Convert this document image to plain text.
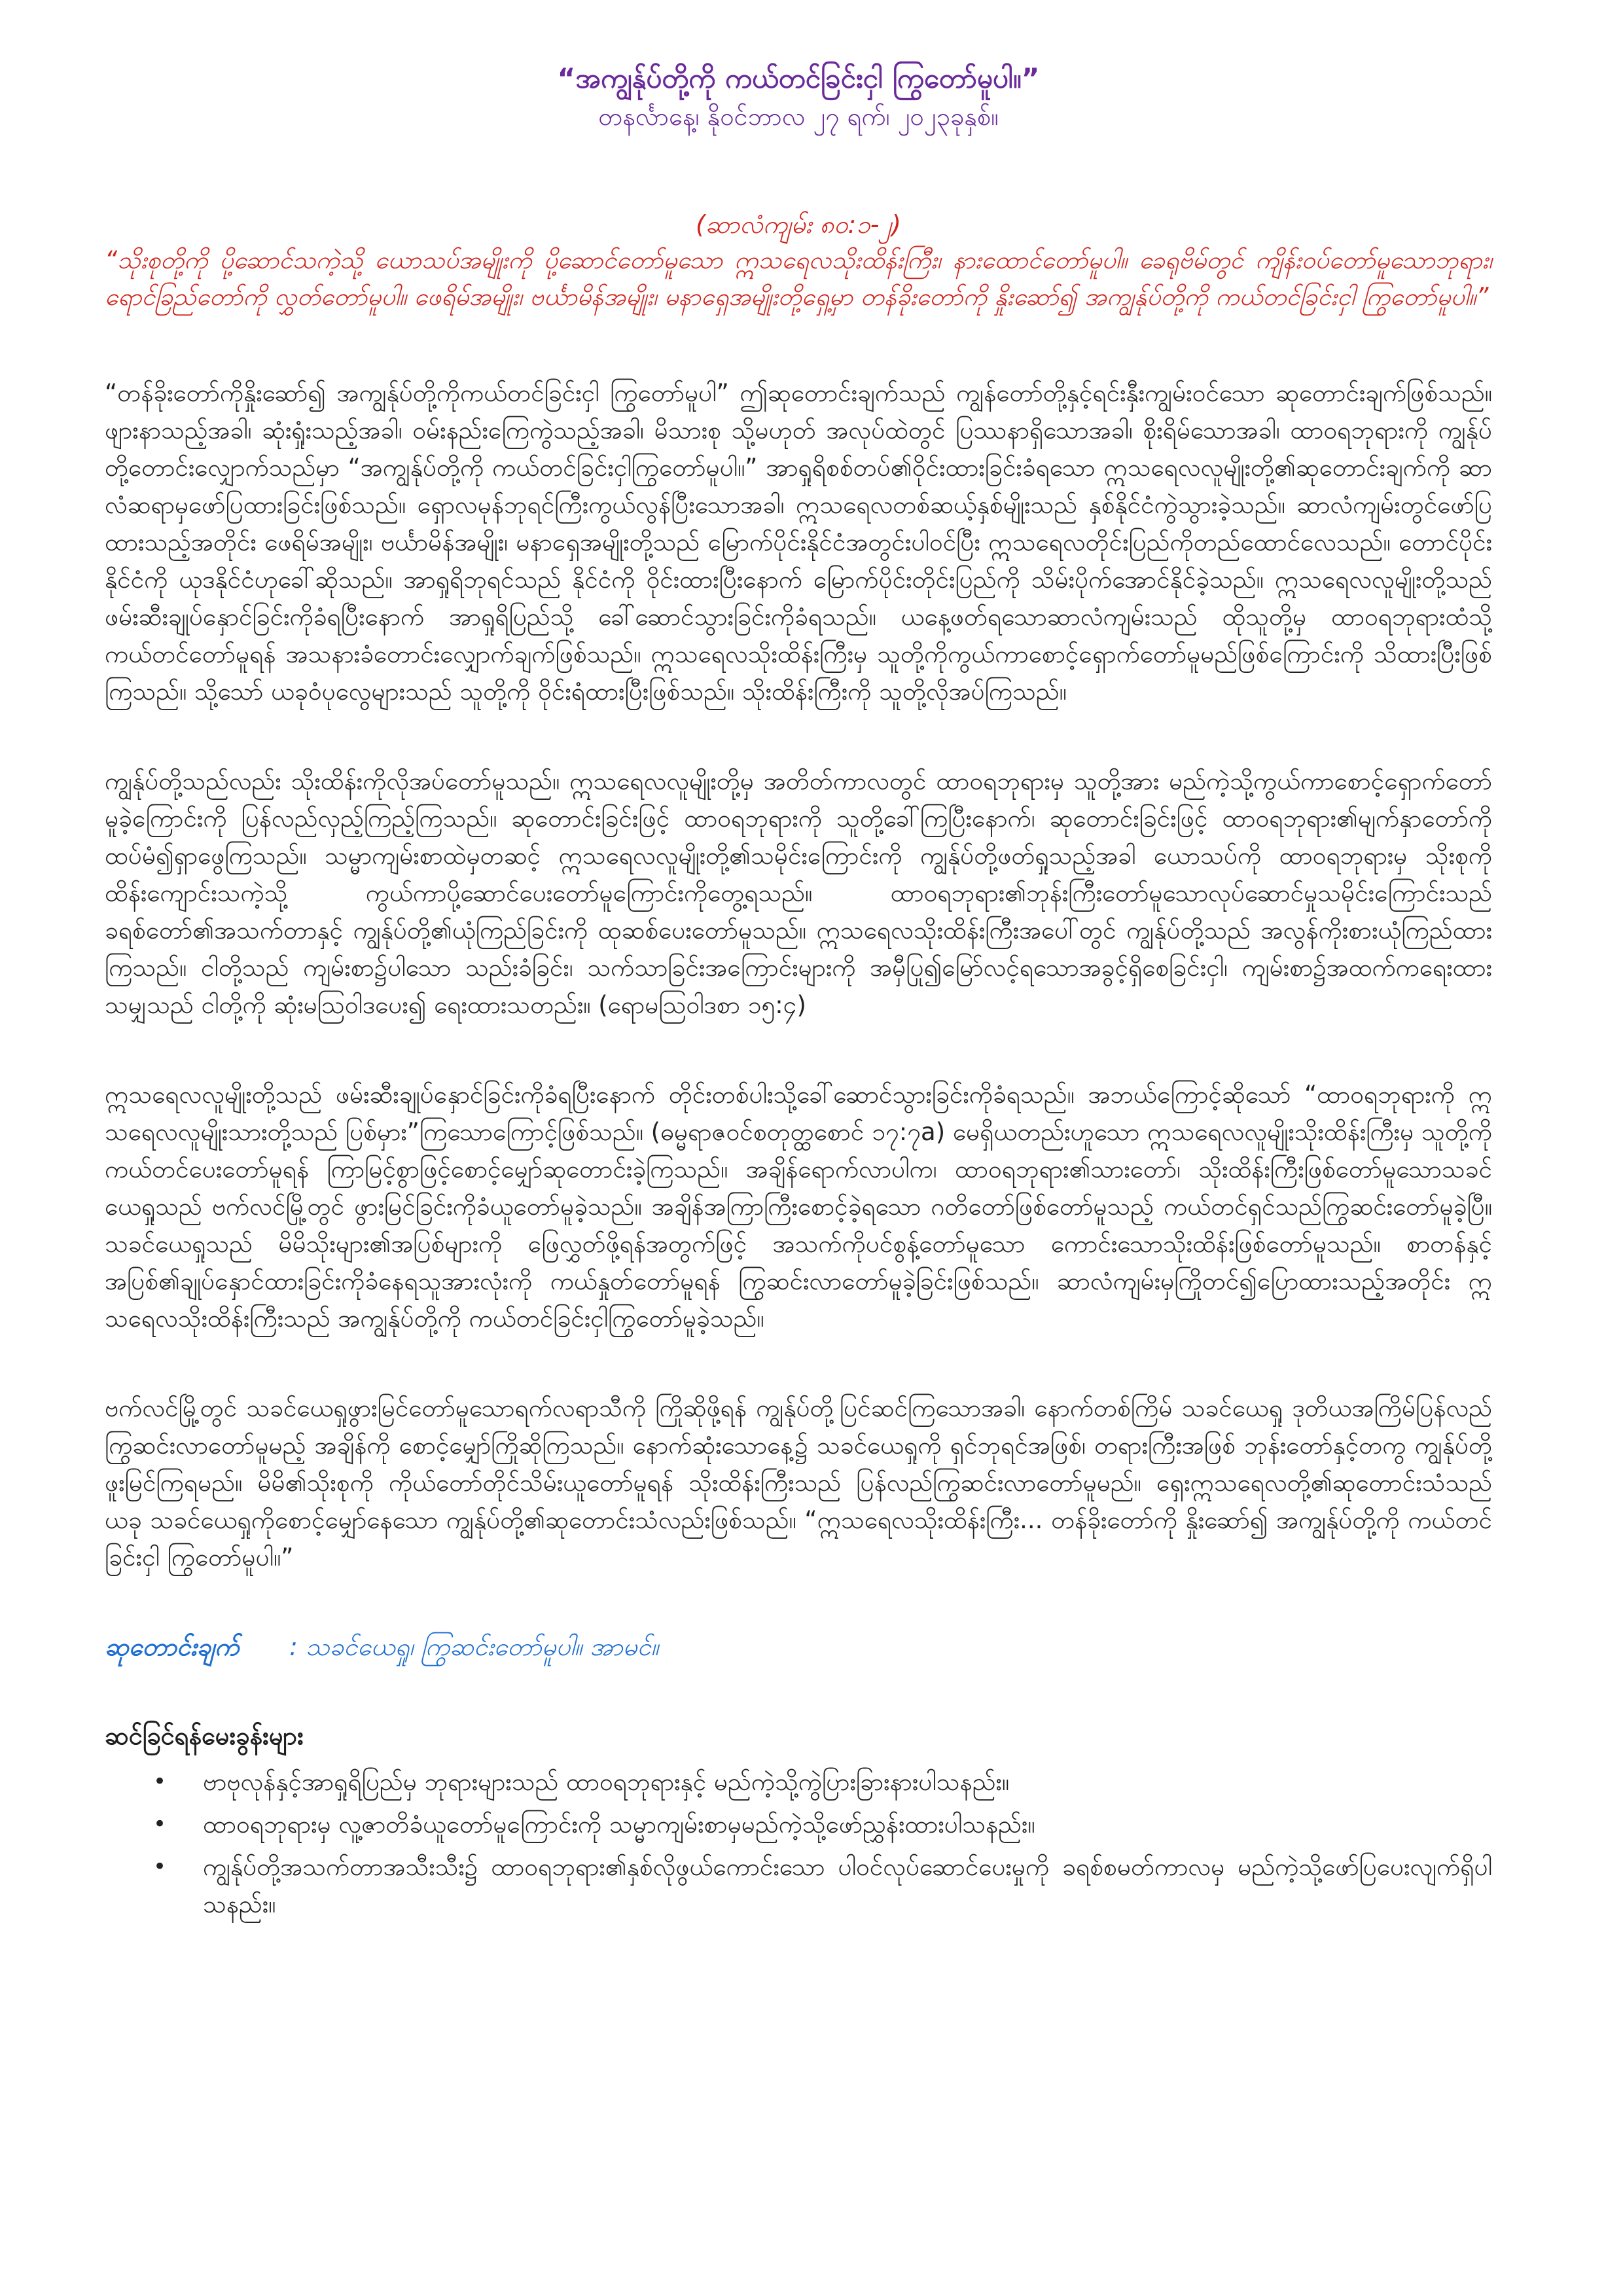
“အကျွန်ုပ်တို့ကို ကယ်တင်ခြင်းငှါ ကြွတော်မူပါ။”

တနင်္လာနေ့၊ နိုဝင်ဘာလ ၂၇ ရက်၊ ၂၀၂၃ခုနှစ်။

(ဆာလံကျမ်း ၈၀:၁-၂)

“သိုးစုတို့ကို ပို့ဆောင်သကဲ့သို့ ယောသပ်အမျိုးကို ပို့ဆောင်တော်မူသော ဣသရေလသိုးထိန်းကြီး၊ နားထောင်တော်မူပါ။ ခေရုဗိမ်တွင် ကျိန်းဝပ်တော်မူသောဘုရား၊ ရောင်ခြည်တော်ကို လွှတ်တော်မူပါ။ ဖေရိမ်အမျိုး၊ ဗင်္ယာမိန်အမျိုး၊ မနာရှေအမျိုးတို့ရှေ့မှာ တန်ခိုးတော်ကို နှိုးဆော်၍ အကျွန်ုပ်တို့ကို ကယ်တင်ခြင်းငှါ ကြွတော်မူပါ။”

“တန်ခိုးတော်ကိုနှိုးဆော်၍ အကျွန်ုပ်တို့ကိုကယ်တင်ခြင်းငှါ ကြွတော်မူပါ” ဤဆုတောင်းချက်သည် ကျွန်တော်တို့နှင့်ရင်းနှီးကျွမ်းဝင်သော ဆုတောင်းချက်ဖြစ်သည်။ ဖျားနာသည့်အခါ၊ ဆုံးရှုံးသည့်အခါ၊ ဝမ်းနည်းကြေကွဲသည့်အခါ၊ မိသားစု သို့မဟုတ် အလုပ်ထဲတွင် ပြဿနာရှိသောအခါ၊ စိုးရိမ်သောအခါ၊ ထာဝရဘုရားကို ကျွန်ုပ်တို့တောင်းလျှောက်သည်မှာ “အကျွန်ုပ်တို့ကို ကယ်တင်ခြင်းငှါကြွတော်မူပါ။” အာရှုရိစစ်တပ်၏ဝိုင်းထားခြင်းခံရသော ဣသရေလလူမျိုးတို့၏ဆုတောင်းချက်ကို ဆာလံဆရာမှဖော်ပြထားခြင်းဖြစ်သည်။ ရှောလမုန်ဘုရင်ကြီးကွယ်လွန်ပြီးသောအခါ၊ ဣသရေလတစ်ဆယ့်နှစ်မျိုးသည် နှစ်နိုင်ငံကွဲသွားခဲ့သည်။ ဆာလံကျမ်းတွင်ဖော်ပြထားသည့်အတိုင်း ဖေရိမ်အမျိုး၊ ဗင်္ယာမိန်အမျိုး၊ မနာရှေအမျိုးတို့သည် မြောက်ပိုင်းနိုင်ငံအတွင်းပါဝင်ပြီး ဣသရေလတိုင်းပြည်ကိုတည်ထောင်လေသည်။ တောင်ပိုင်းနိုင်ငံကို ယုဒနိုင်ငံဟုခေါ်ဆိုသည်။ အာရှုရိဘုရင်သည် နိုင်ငံကို ဝိုင်းထားပြီးနောက် မြောက်ပိုင်းတိုင်းပြည်ကို သိမ်းပိုက်အောင်နိုင်ခဲ့သည်။ ဣသရေလလူမျိုးတို့သည် ဖမ်းဆီးချုပ်နှောင်ခြင်းကိုခံရပြီးနောက် အာရှုရိပြည်သို့ ခေါ်ဆောင်သွားခြင်းကိုခံရသည်။ ယနေ့ဖတ်ရသောဆာလံကျမ်းသည် ထိုသူတို့မှ ထာဝရဘုရားထံသို့ ကယ်တင်တော်မူရန် အသနားခံတောင်းလျှောက်ချက်ဖြစ်သည်။ ဣသရေလသိုးထိန်းကြီးမှ သူတို့ကိုကွယ်ကာစောင့်ရှောက်တော်မူမည်ဖြစ်ကြောင်းကို သိထားပြီးဖြစ်ကြသည်။ သို့သော် ယခုဝံပုလွေများသည် သူတို့ကို ဝိုင်းရံထားပြီးဖြစ်သည်။ သိုးထိန်းကြီးကို သူတို့လိုအပ်ကြသည်။

ကျွန်ုပ်တို့သည်လည်း သိုးထိန်းကိုလိုအပ်တော်မူသည်။ ဣသရေလလူမျိုးတို့မှ အတိတ်ကာလတွင် ထာဝရဘုရားမှ သူတို့အား မည်ကဲ့သို့ကွယ်ကာစောင့်ရှောက်တော်မူခဲ့ကြောင်းကို ပြန်လည်လှည့်ကြည့်ကြသည်။ ဆုတောင်းခြင်းဖြင့် ထာဝရဘုရားကို သူတို့ခေါ်ကြပြီးနောက်၊ ဆုတောင်းခြင်းဖြင့် ထာဝရဘုရား၏မျက်နှာတော်ကို ထပ်မံ၍ရှာဖွေကြသည်။ သမ္မာကျမ်းစာထဲမှတဆင့် ဣသရေလလူမျိုးတို့၏သမိုင်းကြောင်းကို ကျွန်ုပ်တို့ဖတ်ရှုသည့်အခါ ယောသပ်ကို ထာဝရဘုရားမှ သိုးစုကိုထိန်းကျောင်းသကဲ့သို့ ကွယ်ကာပို့ဆောင်ပေးတော်မူကြောင်းကိုတွေ့ရသည်။ ထာဝရဘုရား၏ဘုန်းကြီးတော်မူသောလုပ်ဆောင်မှုသမိုင်းကြောင်းသည် ခရစ်တော်၏အသက်တာနှင့် ကျွန်ုပ်တို့၏ယုံကြည်ခြင်းကို ထုဆစ်ပေးတော်မူသည်။ ဣသရေလသိုးထိန်းကြီးအပေါ်တွင် ကျွန်ုပ်တို့သည် အလွန်ကိုးစားယုံကြည်ထားကြသည်။ ငါတို့သည် ကျမ်းစာ၌ပါသော သည်းခံခြင်း၊ သက်သာခြင်းအကြောင်းများကို အမှီပြု၍မြော်လင့်ရသောအခွင့်ရှိစေခြင်းငှါ၊ ကျမ်းစာ၌အထက်ကရေးထားသမျှသည် ငါတို့ကို ဆုံးမသြဝါဒပေး၍ ရေးထားသတည်း။ (ရောမသြဝါဒစာ ၁၅:၄)

ဣသရေလလူမျိုးတို့သည် ဖမ်းဆီးချုပ်နှောင်ခြင်းကိုခံရပြီးနောက် တိုင်းတစ်ပါးသို့ခေါ်ဆောင်သွားခြင်းကိုခံရသည်။ အဘယ်ကြောင့်ဆိုသော် “ထာဝရဘုရားကို ဣသရေလလူမျိုးသားတို့သည် ပြစ်မှား”ကြသောကြောင့်ဖြစ်သည်။ (ဓမ္မရာဇဝင်စတုတ္ထစောင် ၁၇:၇a) မေရှိယတည်းဟူသော ဣသရေလလူမျိုးသိုးထိန်းကြီးမှ သူတို့ကိုကယ်တင်ပေးတော်မူရန် ကြာမြင့်စွာဖြင့်စောင့်မျှော်ဆုတောင်းခဲ့ကြသည်။ အချိန်ရောက်လာပါက၊ ထာဝရဘုရား၏သားတော်၊ သိုးထိန်းကြီးဖြစ်တော်မူသောသခင်ယေရှုသည် ဗက်လင်မြို့တွင် ဖွားမြင်ခြင်းကိုခံယူတော်မူခဲ့သည်။ အချိန်အကြာကြီးစောင့်ခဲ့ရသော ဂတိတော်ဖြစ်တော်မူသည့် ကယ်တင်ရှင်သည်ကြွဆင်းတော်မူခဲ့ပြီ။ သခင်ယေရှုသည် မိမိသိုးများ၏အပြစ်များကို ဖြေလွှတ်ဖို့ရန်အတွက်ဖြင့် အသက်ကိုပင်စွန့်တော်မူသော ကောင်းသောသိုးထိန်းဖြစ်တော်မူသည်။ စာတန်နှင့်အပြစ်၏ချုပ်နှောင်ထားခြင်းကိုခံနေရသူအားလုံးကို ကယ်နှုတ်တော်မူရန် ကြွဆင်းလာတော်မူခဲ့ခြင်းဖြစ်သည်။ ဆာလံကျမ်းမှကြိုတင်၍ပြောထားသည့်အတိုင်း ဣသရေလသိုးထိန်းကြီးသည် အကျွန်ုပ်တို့ကို ကယ်တင်ခြင်းငှါကြွတော်မူခဲ့သည်။

ဗက်လင်မြို့တွင် သခင်ယေရှုဖွားမြင်တော်မူသောရက်လရာသီကို ကြိုဆိုဖို့ရန် ကျွန်ုပ်တို့ပြင်ဆင်ကြသောအခါ၊ နောက်တစ်ကြိမ် သခင်ယေရှု ဒုတိယအကြိမ်ပြန်လည်ကြွဆင်းလာတော်မူမည့် အချိန်ကို စောင့်မျှော်ကြိုဆိုကြသည်။ နောက်ဆုံးသောနေ့၌ သခင်ယေရှုကို ရှင်ဘုရင်အဖြစ်၊ တရားကြီးအဖြစ် ဘုန်းတော်နှင့်တကွ ကျွန်ုပ်တို့ဖူးမြင်ကြရမည်။ မိမိ၏သိုးစုကို ကိုယ်တော်တိုင်သိမ်းယူတော်မူရန် သိုးထိန်းကြီးသည် ပြန်လည်ကြွဆင်းလာတော်မူမည်။ ရှေးဣသရေလတို့၏ဆုတောင်းသံသည် ယခု သခင်ယေရှုကိုစောင့်မျှော်နေသော ကျွန်ုပ်တို့၏ဆုတောင်းသံလည်းဖြစ်သည်။ “ဣသရေလသိုးထိန်းကြီး... တန်ခိုးတော်ကို နှိုးဆော်၍ အကျွန်ုပ်တို့ကို ကယ်တင်ခြင်းငှါ ကြွတော်မူပါ။”

ဆုတောင်းချက် : သခင်ယေရှု၊ ကြွဆင်းတော်မူပါ။ အာမင်။
ဆင်ခြင်ရန်မေးခွန်းများ
• ဗာဗုလုန်နှင့်အာရှုရိပြည်မှ ဘုရားများသည် ထာဝရဘုရားနှင့် မည်ကဲ့သို့ကွဲပြားခြားနားပါသနည်း။
• ထာဝရဘုရားမှ လူ့ဇာတိခံယူတော်မူကြောင်းကို သမ္မာကျမ်းစာမှမည်ကဲ့သို့ဖော်ညွှန်းထားပါသနည်း။
• ကျွန်ုပ်တို့အသက်တာအသီးသီး၌ ထာဝရဘုရား၏နှစ်လိုဖွယ်ကောင်းသော ပါဝင်လုပ်ဆောင်ပေးမှုကို ခရစ်စမတ်ကာလမှ မည်ကဲ့သို့ဖော်ပြပေးလျက်ရှိပါသနည်း။
